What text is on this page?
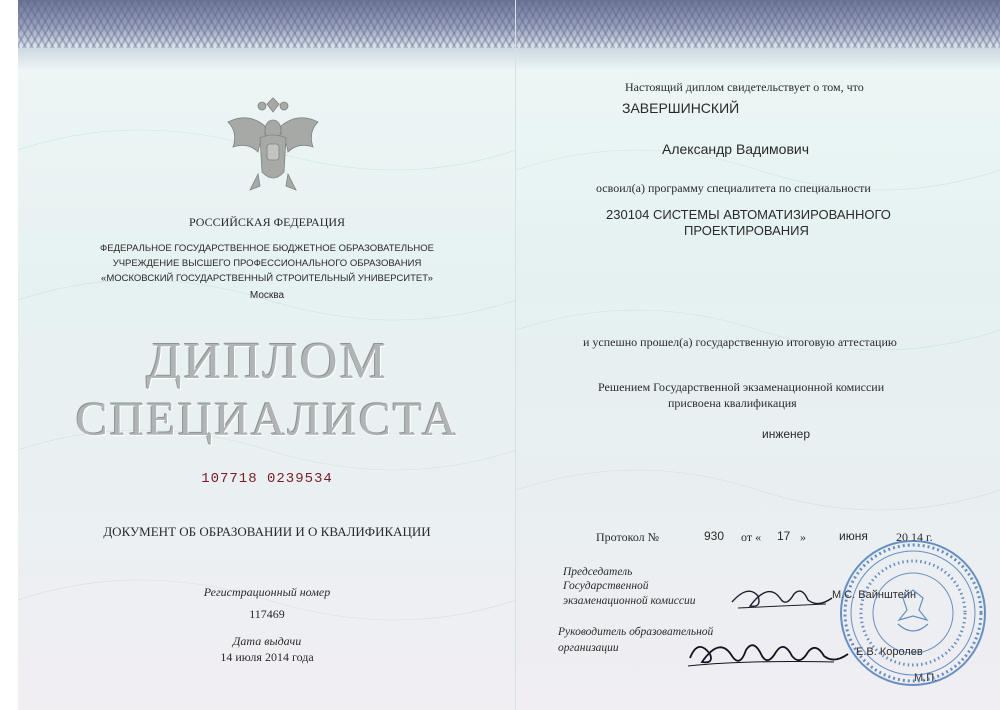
РОССИЙСКАЯ ФЕДЕРАЦИЯ
ФЕДЕРАЛЬНОЕ ГОСУДАРСТВЕННОЕ БЮДЖЕТНОЕ ОБРАЗОВАТЕЛЬНОЕ
УЧРЕЖДЕНИЕ ВЫСШЕГО ПРОФЕССИОНАЛЬНОГО ОБРАЗОВАНИЯ
«МОСКОВСКИЙ ГОСУДАРСТВЕННЫЙ СТРОИТЕЛЬНЫЙ УНИВЕРСИТЕТ»
Москва
ДИПЛОМ
СПЕЦИАЛИСТА
107718 0239534
ДОКУМЕНТ ОБ ОБРАЗОВАНИИ И О КВАЛИФИКАЦИИ
Регистрационный номер
117469
Дата выдачи
14 июля 2014 года
Настоящий диплом свидетельствует о том, что
ЗАВЕРШИНСКИЙ
Александр Вадимович
освоил(а) программу специалитета по специальности
230104 СИСТЕМЫ АВТОМАТИЗИРОВАННОГО
ПРОЕКТИРОВАНИЯ
и успешно прошел(а) государственную итоговую аттестацию
Решением Государственной экзаменационной комиссии
присвоена квалификация
инженер
Протокол №	930 от « 17 »	июня 20 14 г.
Председатель
Государственной
экзаменационной комиссии	М.С. Вайнштейн
Руководитель образовательной
организации	Е.В. Королев
М.П.
